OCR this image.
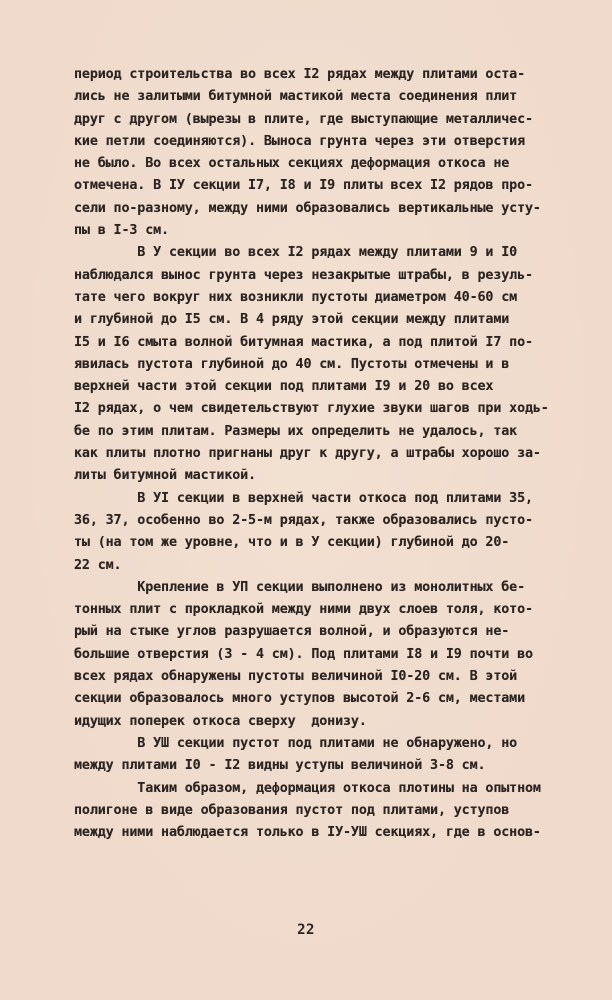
период строительства во всех I2 рядах между плитами оста-
лись не залитыми битумной мастикой места соединения плит
друг с другом (вырезы в плите, где выступающие металличес-
кие петли соединяются). Выноса грунта через эти отверстия
не было. Во всех остальных секциях деформация откоса не
отмечена. В IУ секции I7, I8 и I9 плиты всех I2 рядов про-
сели по-разному, между ними образовались вертикальные усту-
пы в I-3 см.
В У секции во всех I2 рядах между плитами 9 и I0
наблюдался вынос грунта через незакрытые штрабы, в резуль-
тате чего вокруг них возникли пустоты диаметром 40-60 см
и глубиной до I5 см. В 4 ряду этой секции между плитами
I5 и I6 смыта волной битумная мастика, а под плитой I7 по-
явилась пустота глубиной до 40 см. Пустоты отмечены и в
верхней части этой секции под плитами I9 и 20 во всех
I2 рядах, о чем свидетельствуют глухие звуки шагов при ходь-
бе по этим плитам. Размеры их определить не удалось, так
как плиты плотно пригнаны друг к другу, а штрабы хорошо за-
литы битумной мастикой.
В УI секции в верхней части откоса под плитами 35,
36, 37, особенно во 2-5-м рядах, также образовались пусто-
ты (на том же уровне, что и в У секции) глубиной до 20-
22 см.
Крепление в УП секции выполнено из монолитных бе-
тонных плит с прокладкой между ними двух слоев толя, кото-
рый на стыке углов разрушается волной, и образуются не-
большие отверстия (3 - 4 см). Под плитами I8 и I9 почти во
всех рядах обнаружены пустоты величиной I0-20 см. В этой
секции образовалось много уступов высотой 2-6 см, местами
идущих поперек откоса сверху  донизу.
В УШ секции пустот под плитами не обнаружено, но
между плитами I0 - I2 видны уступы величиной 3-8 см.
Таким образом, деформация откоса плотины на опытном
полигоне в виде образования пустот под плитами, уступов
между ними наблюдается только в IУ-УШ секциях, где в основ-
22
